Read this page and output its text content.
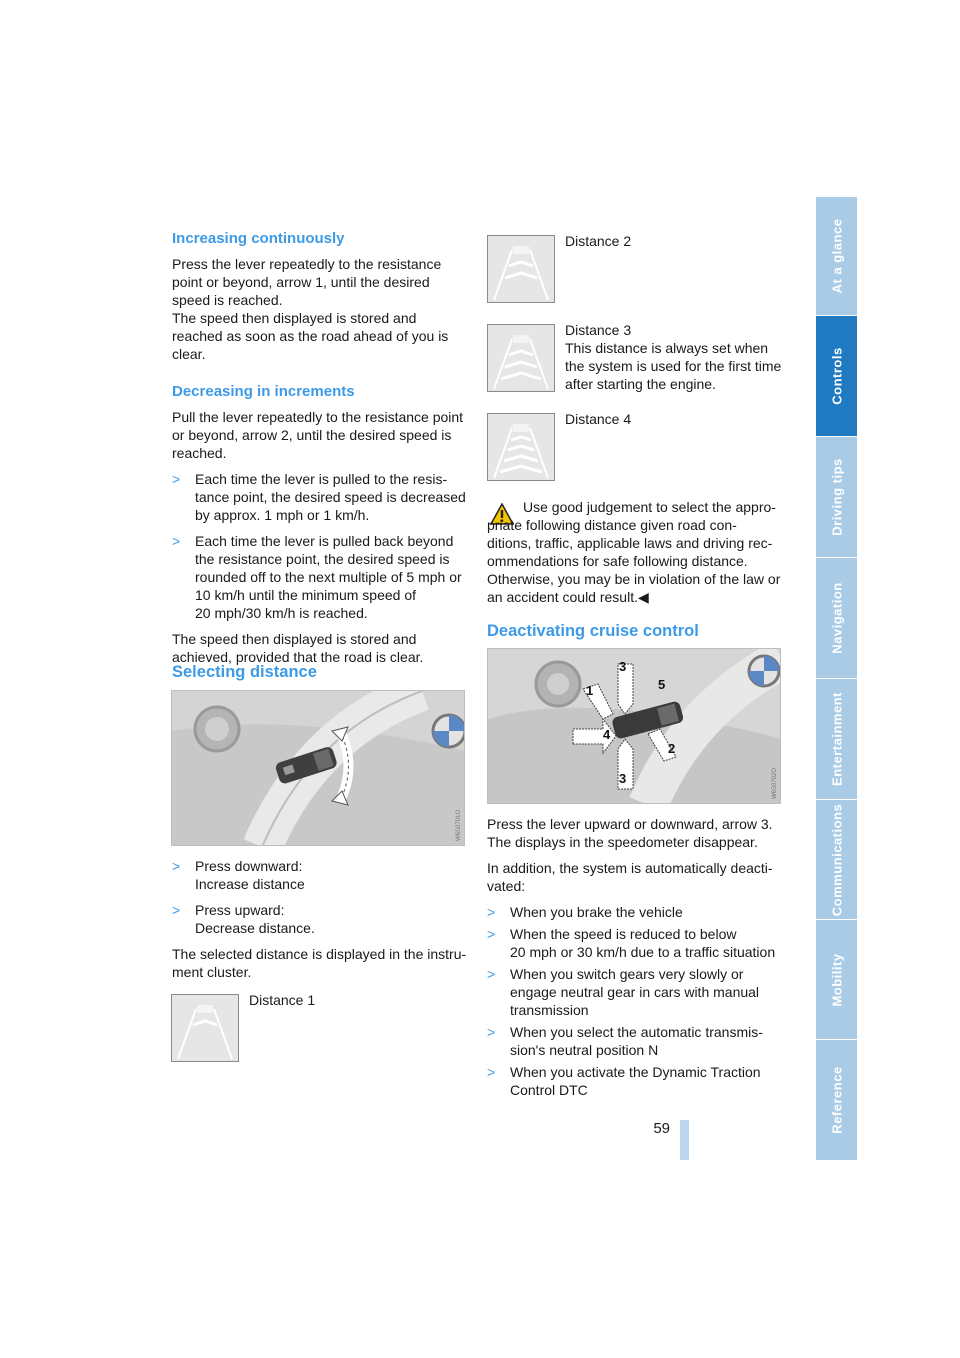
At a glance
Controls
Driving tips
Navigation
Entertainment
Communications
Mobility
Reference
Increasing continuously

Press the lever repeatedly to the resistance point or beyond, arrow 1, until the desired speed is reached.
The speed then displayed is stored and reached as soon as the road ahead of you is clear.

Decreasing in increments

Pull the lever repeatedly to the resistance point or beyond, arrow 2, until the desired speed is reached.

> Each time the lever is pulled to the resis-
tance point, the desired speed is decreased
by approx. 1 mph or 1 km/h.
> Each time the lever is pulled back beyond
the resistance point, the desired speed is
rounded off to the next multiple of 5 mph or
10 km/h until the minimum speed of
20 mph/30 km/h is reached.

The speed then displayed is stored and achieved, provided that the road is clear.

Selecting distance
W6S0701O
> Press downward:
Increase distance
> Press upward:
Decrease distance.

The selected distance is displayed in the instru-
ment cluster.

Distance 1
Distance 2
Distance 3
This distance is always set when the system is used for the first time after starting the engine.
Distance 4
Use good judgement to select the appro-
priate following distance given road con-
ditions, traffic, applicable laws and driving rec-
ommendations for safe following distance.
Otherwise, you may be in violation of the law or
an accident could result.◀
Deactivating cruise control
3
1
4
5
2
3	W6S0702O

Press the lever upward or downward, arrow 3.
The displays in the speedometer disappear.

In addition, the system is automatically deacti-
vated:

> When you brake the vehicle
> When the speed is reduced to below
20 mph or 30 km/h due to a traffic situation
> When you switch gears very slowly or
engage neutral gear in cars with manual
transmission
> When you select the automatic transmis-
sion's neutral position N
> When you activate the Dynamic Traction
Control DTC
59
